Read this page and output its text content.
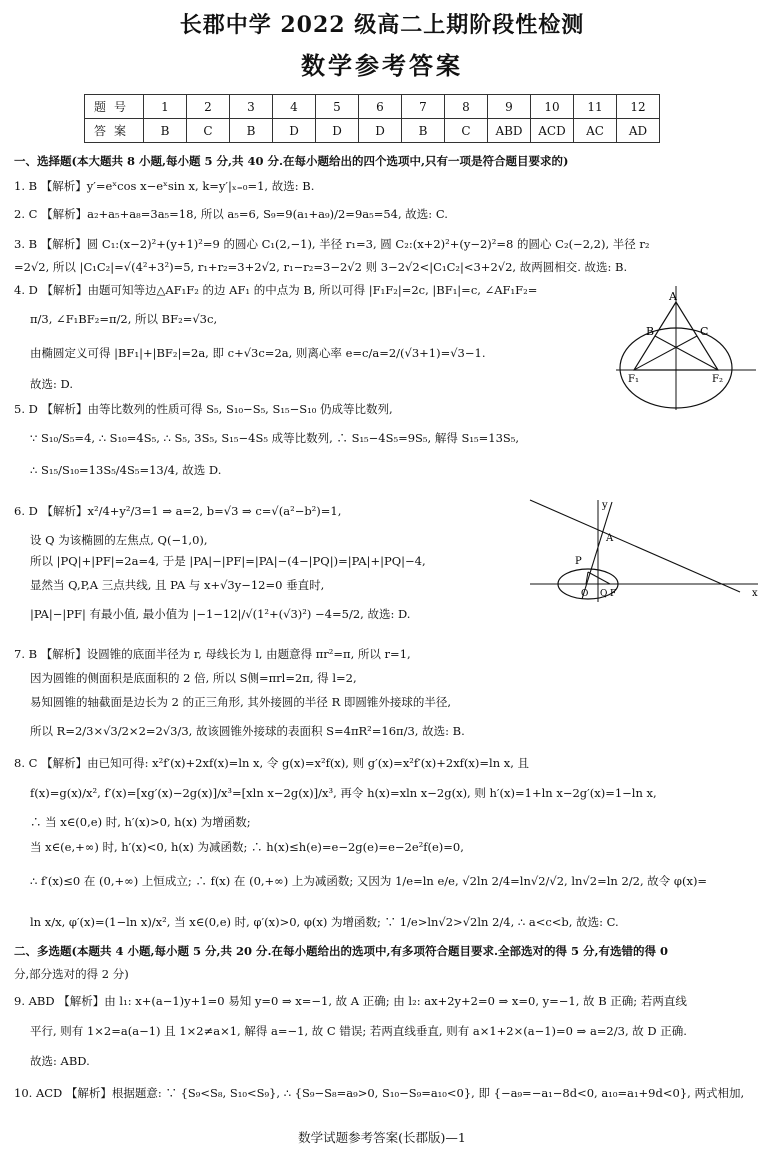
长郡中学 2022 级高二上期阶段性检测
数学参考答案
题号	1	2	3	4	5	6	7	8	9	10	11	12
答案	B	C	B	D	D	D	B	C	ABD	ACD	AC	AD
一、选择题(本大题共 8 小题,每小题 5 分,共 40 分.在每小题给出的四个选项中,只有一项是符合题目要求的)
1. B 【解析】y′=eˣcos x−eˣsin x, k=y′|ₓ₌₀=1, 故选: B.
2. C 【解析】a₂+a₅+a₈=3a₅=18, 所以 a₅=6, S₉=9(a₁+a₉)/2=9a₅=54, 故选: C.
3. B 【解析】圆 C₁:(x−2)²+(y+1)²=9 的圆心 C₁(2,−1), 半径 r₁=3, 圆 C₂:(x+2)²+(y−2)²=8 的圆心 C₂(−2,2), 半径 r₂
=2√2, 所以 |C₁C₂|=√(4²+3²)=5, r₁+r₂=3+2√2, r₁−r₂=3−2√2 则 3−2√2<|C₁C₂|<3+2√2, 故两圆相交. 故选: B.
4. D 【解析】由题可知等边△AF₁F₂ 的边 AF₁ 的中点为 B, 所以可得 |F₁F₂|=2c, |BF₁|=c, ∠AF₁F₂=
π/3, ∠F₁BF₂=π/2, 所以 BF₂=√3c,
由椭圆定义可得 |BF₁|+|BF₂|=2a, 即 c+√3c=2a, 则离心率 e=c/a=2/(√3+1)=√3−1.
故选: D.
5. D 【解析】由等比数列的性质可得 S₅, S₁₀−S₅, S₁₅−S₁₀ 仍成等比数列,
∵ S₁₀/S₅=4, ∴ S₁₀=4S₅, ∴ S₅, 3S₅, S₁₅−4S₅ 成等比数列, ∴ S₁₅−4S₅=9S₅, 解得 S₁₅=13S₅,
∴ S₁₅/S₁₀=13S₅/4S₅=13/4, 故选 D.
6. D 【解析】x²/4+y²/3=1 ⇒ a=2, b=√3 ⇒ c=√(a²−b²)=1,
设 Q 为该椭圆的左焦点, Q(−1,0),
所以 |PQ|+|PF|=2a=4, 于是 |PA|−|PF|=|PA|−(4−|PQ|)=|PA|+|PQ|−4,
显然当 Q,P,A 三点共线, 且 PA 与 x+√3y−12=0 垂直时,
|PA|−|PF| 有最小值, 最小值为 |−1−12|/√(1²+(√3)²) −4=5/2, 故选: D.
7. B 【解析】设圆锥的底面半径为 r, 母线长为 l, 由题意得 πr²=π, 所以 r=1,
因为圆锥的侧面积是底面积的 2 倍, 所以 S侧=πrl=2π, 得 l=2,
易知圆锥的轴截面是边长为 2 的正三角形, 其外接圆的半径 R 即圆锥外接球的半径,
所以 R=2/3×√3/2×2=2√3/3, 故该圆锥外接球的表面积 S=4πR²=16π/3, 故选: B.
8. C 【解析】由已知可得: x²f′(x)+2xf(x)=ln x, 令 g(x)=x²f(x), 则 g′(x)=x²f′(x)+2xf(x)=ln x, 且
f(x)=g(x)/x², f′(x)=[xg′(x)−2g(x)]/x³=[xln x−2g(x)]/x³, 再令 h(x)=xln x−2g(x), 则 h′(x)=1+ln x−2g′(x)=1−ln x,
∴ 当 x∈(0,e) 时, h′(x)>0, h(x) 为增函数;
当 x∈(e,+∞) 时, h′(x)<0, h(x) 为减函数; ∴ h(x)≤h(e)=e−2g(e)=e−2e²f(e)=0,
∴ f′(x)≤0 在 (0,+∞) 上恒成立; ∴ f(x) 在 (0,+∞) 上为减函数; 又因为 1/e=ln e/e, √2ln 2/4=ln√2/√2, ln√2=ln 2/2, 故令 φ(x)=
ln x/x, φ′(x)=(1−ln x)/x², 当 x∈(0,e) 时, φ′(x)>0, φ(x) 为增函数; ∵ 1/e>ln√2>√2ln 2/4, ∴ a<c<b, 故选: C.
二、多选题(本题共 4 小题,每小题 5 分,共 20 分.在每小题给出的选项中,有多项符合题目要求.全部选对的得 5 分,有选错的得 0
分,部分选对的得 2 分)
9. ABD 【解析】由 l₁: x+(a−1)y+1=0 易知 y=0 ⇒ x=−1, 故 A 正确; 由 l₂: ax+2y+2=0 ⇒ x=0, y=−1, 故 B 正确; 若两直线
平行, 则有 1×2=a(a−1) 且 1×2≠a×1, 解得 a=−1, 故 C 错误; 若两直线垂直, 则有 a×1+2×(a−1)=0 ⇒ a=2/3, 故 D 正确.
故选: ABD.
10. ACD 【解析】根据题意: ∵ {S₉<S₈, S₁₀<S₉}, ∴ {S₉−S₈=a₉>0, S₁₀−S₉=a₁₀<0}, 即 {−a₉=−a₁−8d<0, a₁₀=a₁+9d<0}, 两式相加,
A
B	C
F₁	F₂
y
A
P
O Q F	x
数学试题参考答案(长郡版)—1
